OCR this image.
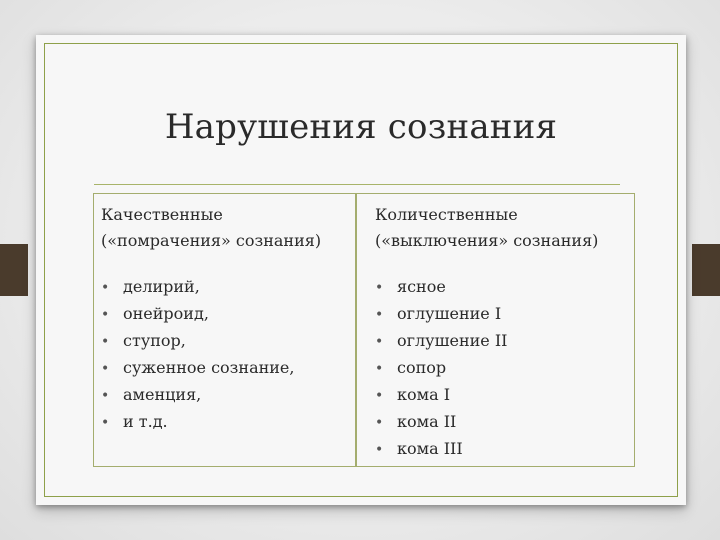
Нарушения сознания

Качественные

(«помрачения» сознания)

• делирий,
• онейроид,
• ступор,
• суженное сознание,
• аменция,
• и т.д.

Количественные

(«выключения» сознания)

• ясное
• оглушение I
• оглушение II
• сопор
• кома I
• кома II
• кома III
